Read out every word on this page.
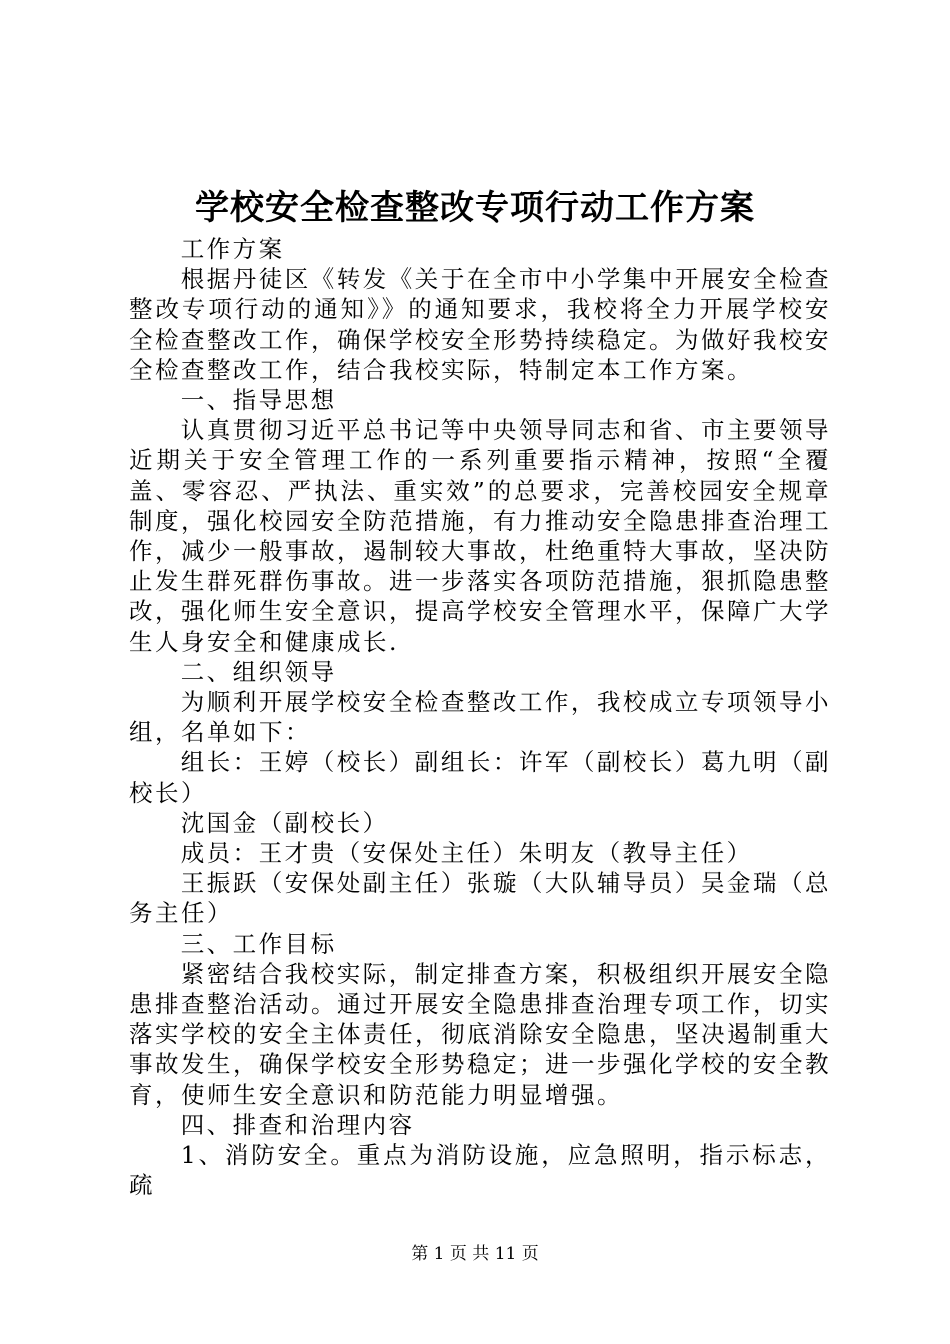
学校安全检查整改专项行动工作方案

工作方案

根据丹徒区《转发《关于在全市中小学集中开展安全检查整改专项行动的通知》》的通知要求，我校将全力开展学校安全检查整改工作，确保学校安全形势持续稳定。为做好我校安全检查整改工作，结合我校实际，特制定本工作方案。

一、指导思想

认真贯彻习近平总书记等中央领导同志和省、市主要领导近期关于安全管理工作的一系列重要指示精神，按照“全覆盖、零容忍、严执法、重实效”的总要求，完善校园安全规章制度，强化校园安全防范措施，有力推动安全隐患排查治理工作，减少一般事故，遏制较大事故，杜绝重特大事故，坚决防止发生群死群伤事故。进一步落实各项防范措施，狠抓隐患整改，强化师生安全意识，提高学校安全管理水平，保障广大学生人身安全和健康成长.

二、组织领导

为顺利开展学校安全检查整改工作，我校成立专项领导小组，名单如下：

组长：王婷（校长）副组长：许军（副校长）葛九明（副校长）

沈国金（副校长）

成员：王才贵（安保处主任）朱明友（教导主任）

王振跃（安保处副主任）张璇（大队辅导员）吴金瑞（总务主任）

三、工作目标

紧密结合我校实际，制定排查方案，积极组织开展安全隐患排查整治活动。通过开展安全隐患排查治理专项工作，切实落实学校的安全主体责任，彻底消除安全隐患，坚决遏制重大事故发生，确保学校安全形势稳定；进一步强化学校的安全教育，使师生安全意识和防范能力明显增强。

四、排查和治理内容

1、消防安全。重点为消防设施，应急照明，指示标志，疏

第 1 页 共 11 页
